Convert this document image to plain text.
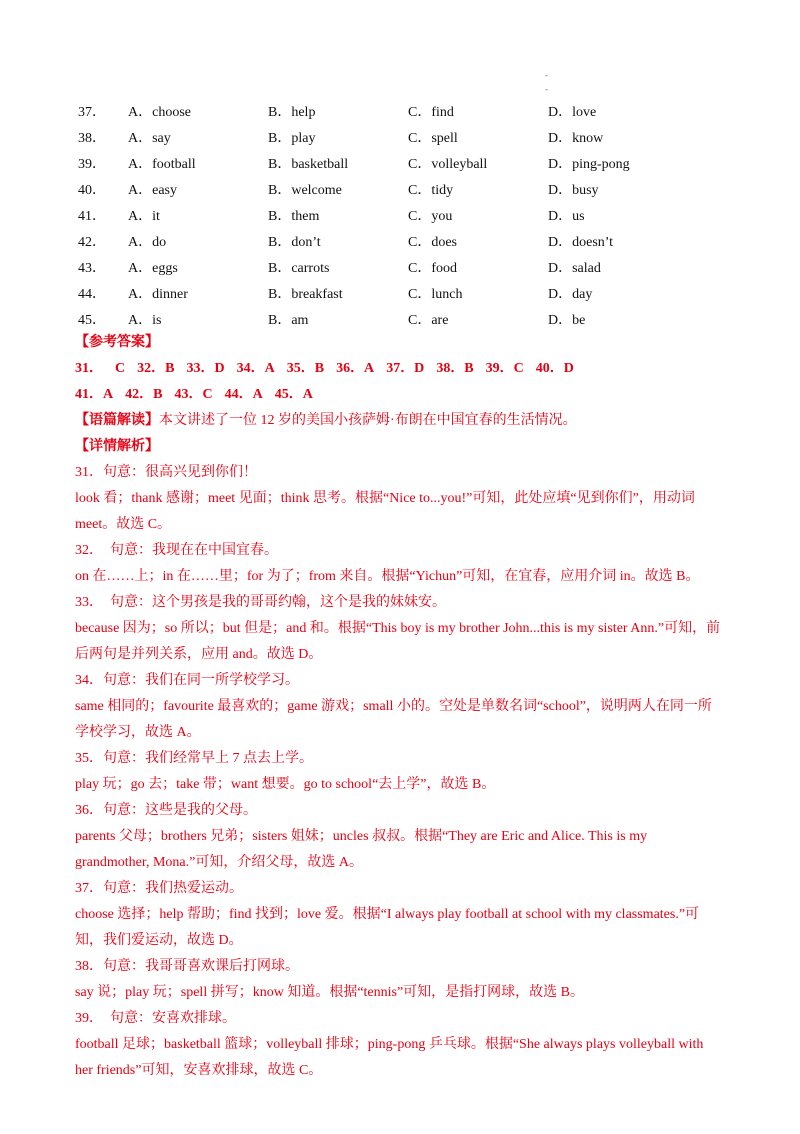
-
-
37．	A．choose	B．help	C．find	D．love
38．	A．say	B．play	C．spell	D．know
39．	A．football	B．basketball	C．volleyball	D．ping-pong
40．	A．easy	B．welcome	C．tidy	D．busy
41．	A．it	B．them	C．you	D．us
42．	A．do	B．don’t	C．does	D．doesn’t
43．	A．eggs	B．carrots	C．food	D．salad
44．	A．dinner	B．breakfast	C．lunch	D．day
45．	A．is	B．am	C．are	D．be
【参考答案】
31． C 32．B 33．D 34．A 35．B 36．A 37．D 38．B 39．C 40．D
41．A 42．B 43．C 44．A 45．A
【语篇解读】本文讲述了一位 12 岁的美国小孩萨姆·布朗在中国宜春的生活情况。
【详情解析】
31．句意：很高兴见到你们！
look 看；thank 感谢；meet 见面；think 思考。根据“Nice to...you!”可知，此处应填“见到你们”，用动词
meet。故选 C。
32．　句意：我现在在中国宜春。
on 在……上；in 在……里；for 为了；from 来自。根据“Yichun”可知，在宜春，应用介词 in。故选 B。
33．　句意：这个男孩是我的哥哥约翰，这个是我的妹妹安。
because 因为；so 所以；but 但是；and 和。根据“This boy is my brother John...this is my sister Ann.”可知，前
后两句是并列关系，应用 and。故选 D。
34．句意：我们在同一所学校学习。
same 相同的；favourite 最喜欢的；game 游戏；small 小的。空处是单数名词“school”，说明两人在同一所
学校学习，故选 A。
35．句意：我们经常早上 7 点去上学。
play 玩；go 去；take 带；want 想要。go to school“去上学”，故选 B。
36．句意：这些是我的父母。
parents 父母；brothers 兄弟；sisters 姐妹；uncles 叔叔。根据“They are Eric and Alice. This is my
grandmother, Mona.”可知，介绍父母，故选 A。
37．句意：我们热爱运动。
choose 选择；help 帮助；find 找到；love 爱。根据“I always play football at school with my classmates.”可
知，我们爱运动，故选 D。
38．句意：我哥哥喜欢课后打网球。
say 说；play 玩；spell 拼写；know 知道。根据“tennis”可知，是指打网球，故选 B。
39．　句意：安喜欢排球。
football 足球；basketball 篮球；volleyball 排球；ping-pong 乒乓球。根据“She always plays volleyball with
her friends”可知，安喜欢排球，故选 C。
